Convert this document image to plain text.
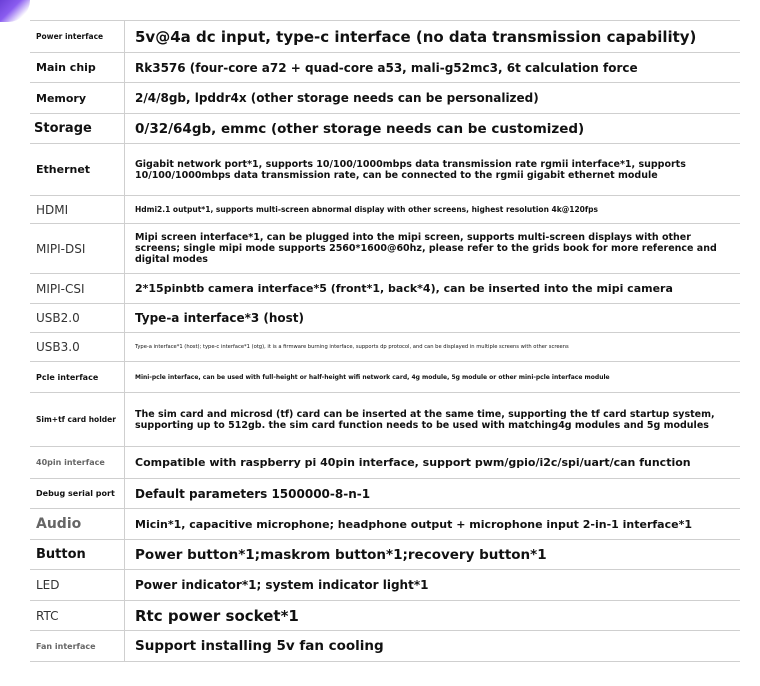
Power interface	5v@4a dc input, type-c interface (no data transmission capability)
Main chip	Rk3576 (four-core a72 + quad-core a53, mali-g52mc3, 6t calculation force
Memory	2/4/8gb, lpddr4x (other storage needs can be personalized)
Storage	0/32/64gb, emmc (other storage needs can be customized)
Ethernet	Gigabit network port*1, supports 10/100/1000mbps data transmission rate rgmii interface*1, supports 10/100/1000mbps data transmission rate, can be connected to the rgmii gigabit ethernet module
HDMI	Hdmi2.1 output*1, supports multi-screen abnormal display with other screens, highest resolution 4k@120fps
MIPI-DSI	Mipi screen interface*1, can be plugged into the mipi screen, supports multi-screen displays with other screens; single mipi mode supports 2560*1600@60hz, please refer to the grids book for more reference and digital modes
MIPI-CSI	2*15pinbtb camera interface*5 (front*1, back*4), can be inserted into the mipi camera
USB2.0	Type-a interface*3 (host)
USB3.0	Type-a interface*1 (host); type-c interface*1 (otg), it is a firmware burning interface, supports dp protocol, and can be displayed in multiple screens with other screens
Pcle interface	Mini-pcle interface, can be used with full-height or half-height wifi network card, 4g module, 5g module or other mini-pcle interface module
Sim+tf card holder	The sim card and microsd (tf) card can be inserted at the same time, supporting the tf card startup system, supporting up to 512gb. the sim card function needs to be used with matching4g modules and 5g modules
40pin interface	Compatible with raspberry pi 40pin interface, support pwm/gpio/i2c/spi/uart/can function
Debug serial port	Default parameters 1500000-8-n-1
Audio	Micin*1, capacitive microphone; headphone output + microphone input 2-in-1 interface*1
Button	Power button*1;maskrom button*1;recovery button*1
LED	Power indicator*1; system indicator light*1
RTC	Rtc power socket*1
Fan interface	Support installing 5v fan cooling
